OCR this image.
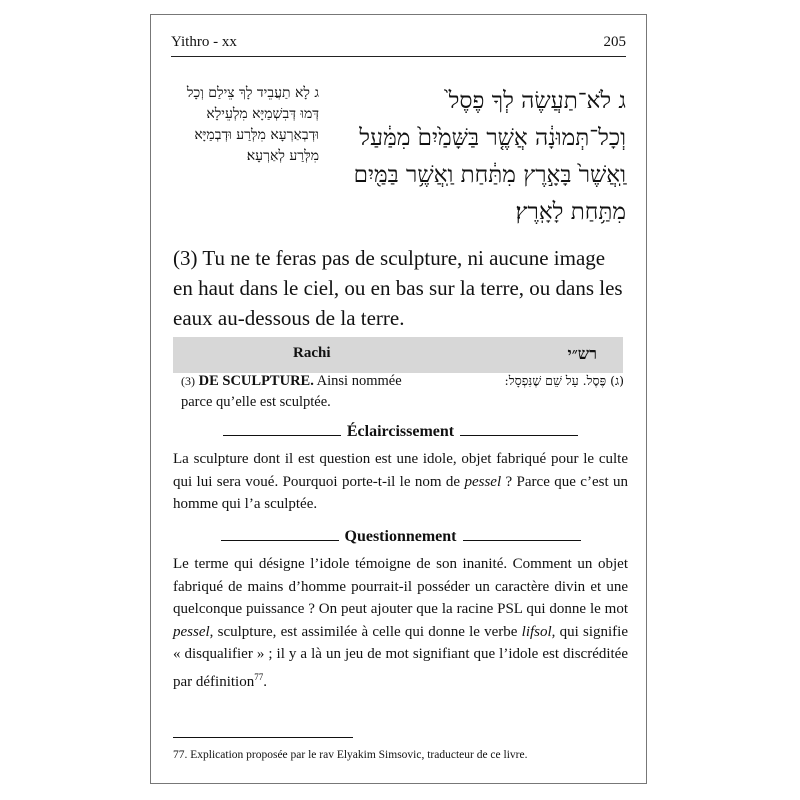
Yithro - xx	205
ג לֹא־תַעֲשֶׂה לְךָ פֶסֶל֙
וְכָל־תְּמוּנָ֔ה אֲשֶׁ֤ר בַּשָּׁמַ֙יִם֙ מִמַּ֔עַל
וַֽאֲשֶׁר֙ בָּאָ֣רֶץ מִתַּ֔חַת וַֽאֲשֶׁ֥ר בַּמַּ֖יִם
מִתַּ֥חַת לָאָֽרֶץ׃
ג לָא תַעֲבֵיד לָךְ צֵילַם וְכָל
דְּמוּ דְּבִשְׁמַיָּא מִלְעֵילָא
וּדְבְאַרְעָא מִלְּרַע וּדְבְמַיָּא
מִלְּרַע לְאַרְעָא׃
(3) Tu ne te feras pas de sculpture, ni aucune image en haut dans le ciel, ou en bas sur la terre, ou dans les eaux au-dessous de la terre.
Rachi	רש״י
(3) DE SCULPTURE. Ainsi nommée parce qu’elle est sculptée.
(ג) פֶּסֶל. עַל שֵׁם שֶׁנִּפְסָל:
Éclaircissement
La sculpture dont il est question est une idole, objet fabriqué pour le culte qui lui sera voué. Pourquoi porte-t-il le nom de pessel ? Parce que c’est un homme qui l’a sculptée.
Questionnement
Le terme qui désigne l’idole témoigne de son inanité. Comment un objet fabriqué de mains d’homme pourrait-il posséder un caractère divin et une quelconque puissance ? On peut ajouter que la racine PSL qui donne le mot pessel, sculpture, est assimilée à celle qui donne le verbe lifsol, qui signifie « disqualifier » ; il y a là un jeu de mot signifiant que l’idole est discréditée par définition$^{77}$.
77. Explication proposée par le rav Elyakim Simsovic, traducteur de ce livre.
